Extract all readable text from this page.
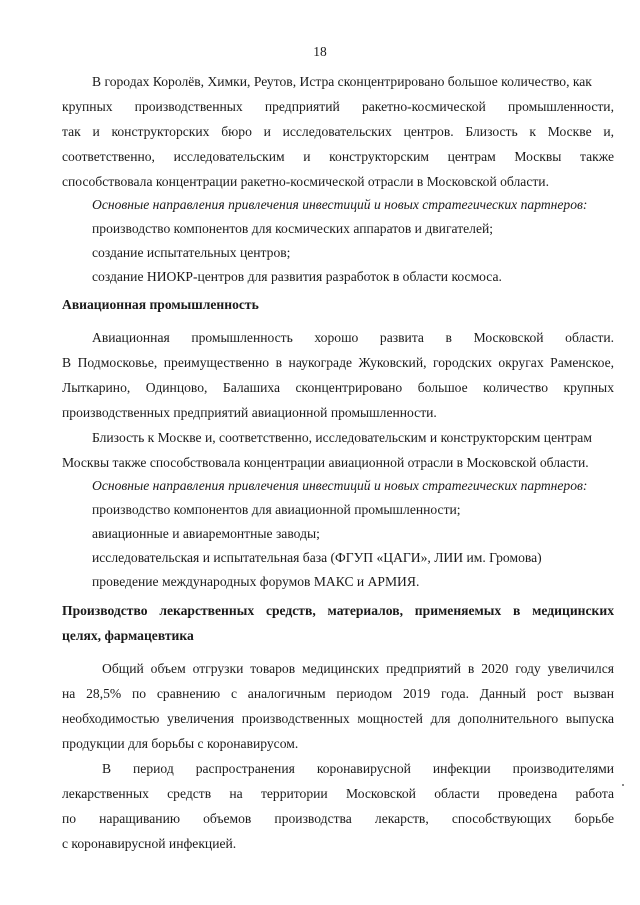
18
В городах Королёв, Химки, Реутов, Истра сконцентрировано большое количество, как
крупных производственных предприятий ракетно-космической промышленности,
так и конструкторских бюро и исследовательских центров. Близость к Москве и,
соответственно, исследовательским и конструкторским центрам Москвы также
способствовала концентрации ракетно-космической отрасли в Московской области.
Основные направления привлечения инвестиций и новых стратегических партнеров:
производство компонентов для космических аппаратов и двигателей;
создание испытательных центров;
создание НИОКР-центров для развития разработок в области космоса.
Авиационная промышленность
Авиационная промышленность хорошо развита в Московской области.
В Подмосковье, преимущественно в наукограде Жуковский, городских округах Раменское,
Лыткарино, Одинцово, Балашиха сконцентрировано большое количество крупных
производственных предприятий авиационной промышленности.
Близость к Москве и, соответственно, исследовательским и конструкторским центрам
Москвы также способствовала концентрации авиационной отрасли в Московской области.
Основные направления привлечения инвестиций и новых стратегических партнеров:
производство компонентов для авиационной промышленности;
авиационные и авиаремонтные заводы;
исследовательская и испытательная база (ФГУП «ЦАГИ», ЛИИ им. Громова)
проведение международных форумов МАКС и АРМИЯ.
Производство лекарственных средств, материалов, применяемых в медицинских
целях, фармацевтика
Общий объем отгрузки товаров медицинских предприятий в 2020 году увеличился
на 28,5% по сравнению с аналогичным периодом 2019 года. Данный рост вызван
необходимостью увеличения производственных мощностей для дополнительного выпуска
продукции для борьбы с коронавирусом.
В период распространения коронавирусной инфекции производителями
лекарственных средств на территории Московской области проведена работа
по наращиванию объемов производства лекарств, способствующих борьбе
с коронавирусной инфекцией.
